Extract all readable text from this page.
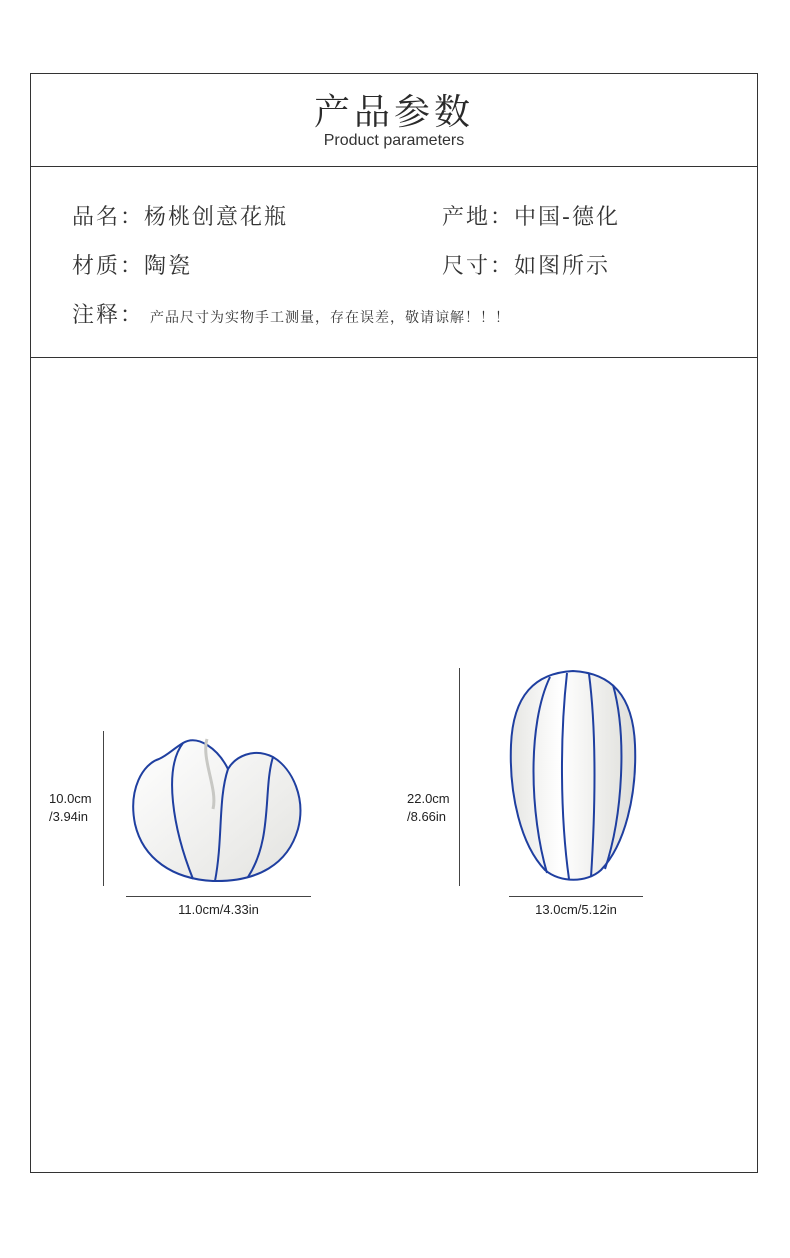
产品参数
Product parameters
品名：杨桃创意花瓶	产地：中国-德化
材质：陶瓷	尺寸：如图所示
注释： 产品尺寸为实物手工测量，存在误差，敬请谅解！！！
10.0cm
/3.94in
11.0cm/4.33in
22.0cm
/8.66in
13.0cm/5.12in
